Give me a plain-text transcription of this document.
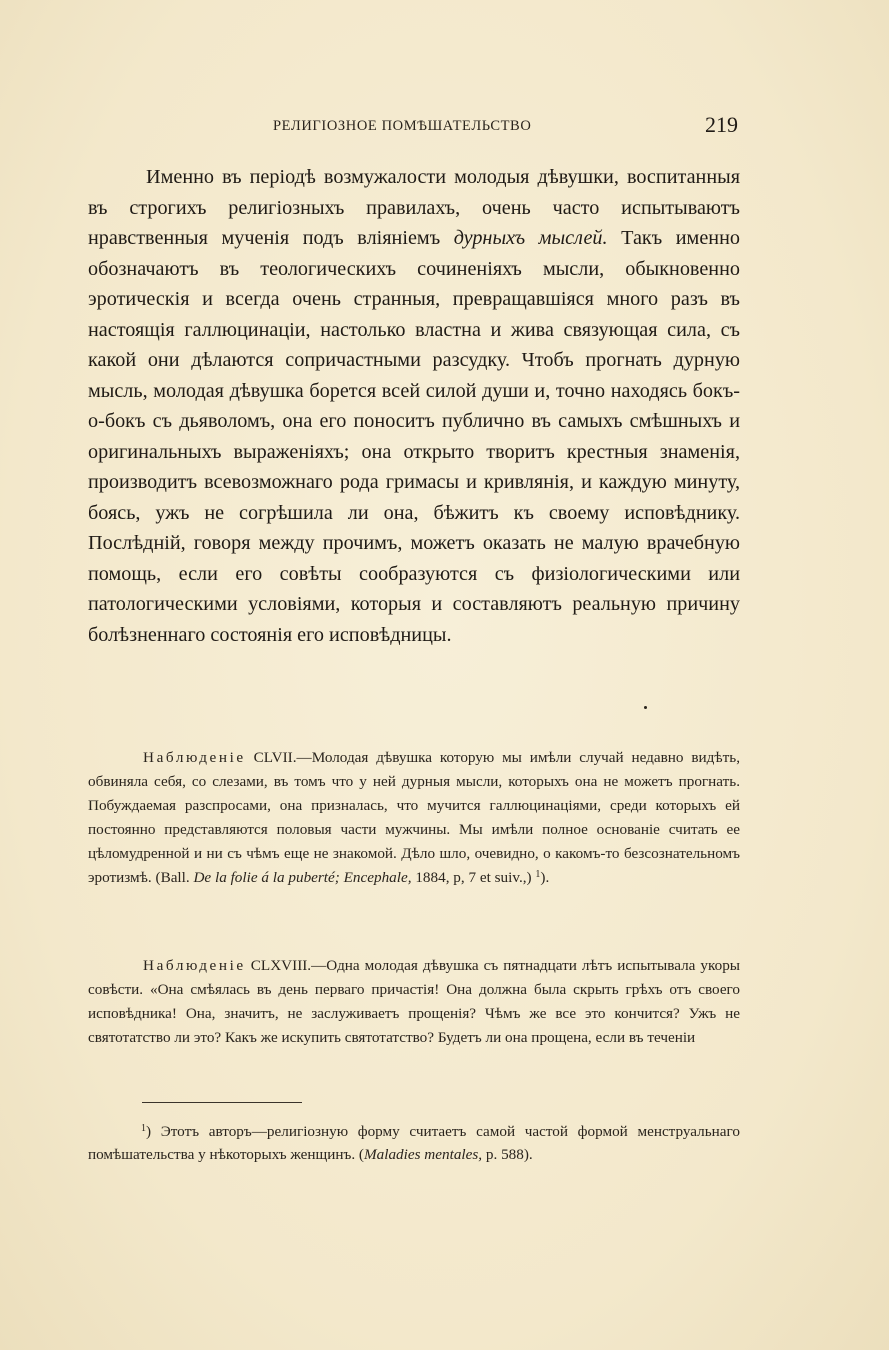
РЕЛИГІОЗНОЕ ПОМѢШАТЕЛЬСТВО	219

Именно въ періодѣ возмужалости молодыя дѣвушки, воспитанныя въ строгихъ религіозныхъ правилахъ, очень часто испытываютъ нравственныя мученія подъ вліяніемъ дурныхъ мыслей. Такъ именно обозначаютъ въ теологическихъ сочиненіяхъ мысли, обыкновенно эротическія и всегда очень странныя, превращавшіяся много разъ въ настоящія галлюцинаціи, настолько властна и жива связующая сила, съ какой они дѣлаются сопричастными разсудку. Чтобъ прогнать дурную мысль, молодая дѣвушка борется всей силой души и, точно находясь бокъ-о-бокъ съ дьяволомъ, она его поноситъ публично въ самыхъ смѣшныхъ и оригинальныхъ выраженіяхъ; она открыто творитъ крестныя знаменія, производитъ всевозможнаго рода гримасы и кривлянія, и каждую минуту, боясь, ужъ не согрѣшила ли она, бѣжитъ къ своему исповѣднику. Послѣдній, говоря между прочимъ, можетъ оказать не малую врачебную помощь, если его совѣты сообразуются съ физіологическими или патологическими условіями, которыя и составляютъ реальную причину болѣзненнаго состоянія его исповѣдницы.

Наблюденіе CLVII.—Молодая дѣвушка которую мы имѣли случай недавно видѣть, обвиняла себя, со слезами, въ томъ что у ней дурныя мысли, которыхъ она не можетъ прогнать. Побуждаемая разспросами, она призналась, что мучится галлюцинаціями, среди которыхъ ей постоянно представляются половыя части мужчины. Мы имѣли полное основаніе считать ее цѣломудренной и ни съ чѣмъ еще не знакомой. Дѣло шло, очевидно, о какомъ-то безсознательномъ эротизмѣ. (Ball. De la folie á la puberté; Encephale, 1884, p, 7 et suiv.,) $^1$).

Наблюденіе CLXVIII.—Одна молодая дѣвушка съ пятнадцати лѣтъ испытывала укоры совѣсти. «Она смѣялась въ день перваго причастія! Она должна была скрыть грѣхъ отъ своего исповѣдника! Она, значитъ, не заслуживаетъ прощенія? Чѣмъ же все это кончится? Ужъ не святотатство ли это? Какъ же искупить святотатство? Будетъ ли она прощена, если въ теченіи

$^1$) Этотъ авторъ—религіозную форму считаетъ самой частой формой менструальнаго помѣшательства у нѣкоторыхъ женщинъ. (Maladies mentales, p. 588).
